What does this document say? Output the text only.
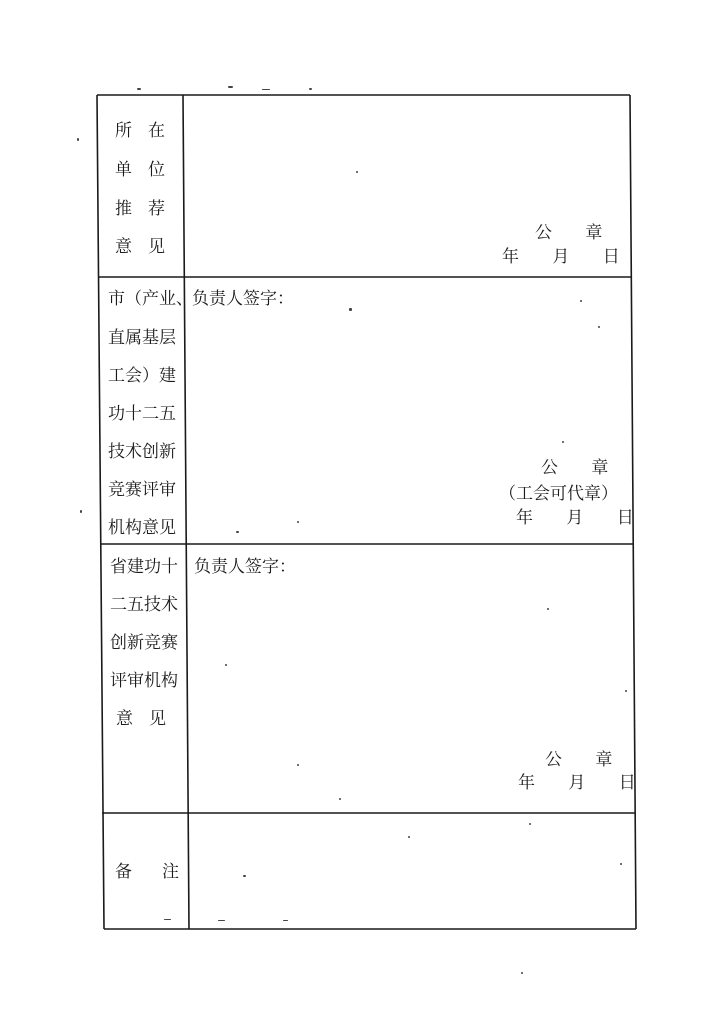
所在
单位
推荐
意见
公 章
年 月 日
市（产业、
直属基层
工会）建
功十二五
技术创新
竞赛评审
机构意见
负责人签字：
公 章
（工会可代章）
年 月 日
省建功十
二五技术
创新竞赛
评审机构
意见
负责人签字：
公 章
年 月 日
备注
